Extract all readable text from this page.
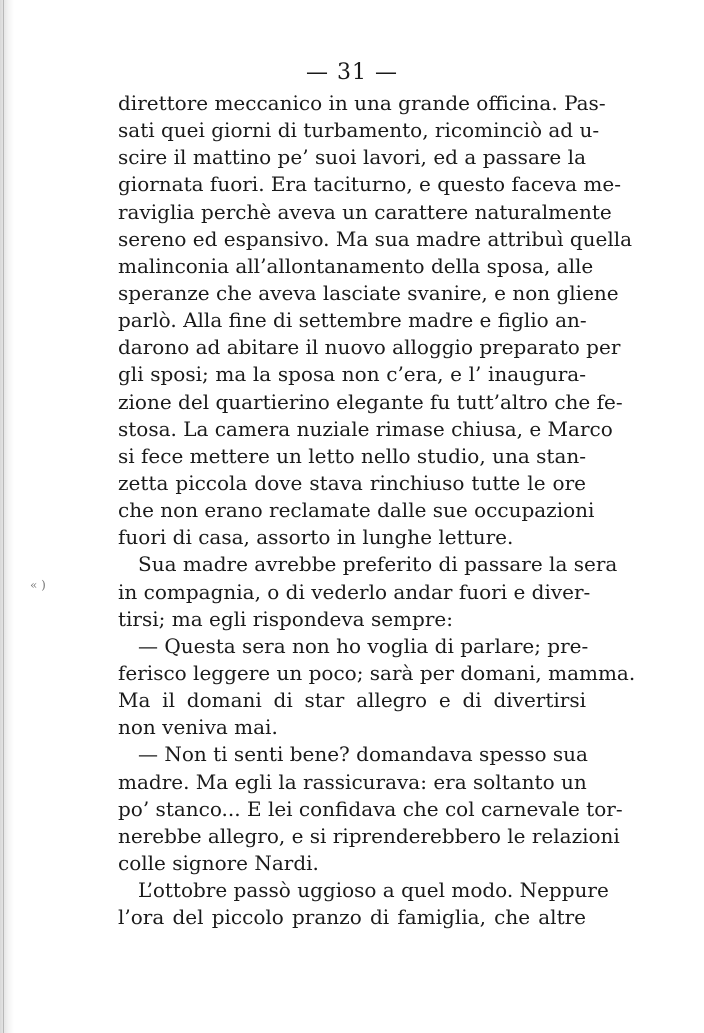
— 31 —
« )
direttore meccanico in una grande officina. Pas-
sati quei giorni di turbamento, ricominciò ad u-
scire il mattino pe’ suoi lavori, ed a passare la
giornata fuori. Era taciturno, e questo faceva me-
raviglia perchè aveva un carattere naturalmente
sereno ed espansivo. Ma sua madre attribuì quella
malinconia all’allontanamento della sposa, alle
speranze che aveva lasciate svanire, e non gliene
parlò. Alla fine di settembre madre e figlio an-
darono ad abitare il nuovo alloggio preparato per
gli sposi; ma la sposa non c’era, e l’ inaugura-
zione del quartierino elegante fu tutt’altro che fe-
stosa. La camera nuziale rimase chiusa, e Marco
si fece mettere un letto nello studio, una stan-
zetta piccola dove stava rinchiuso tutte le ore
che non erano reclamate dalle sue occupazioni
fuori di casa, assorto in lunghe letture.
Sua madre avrebbe preferito di passare la sera
in compagnia, o di vederlo andar fuori e diver-
tirsi; ma egli rispondeva sempre:
— Questa sera non ho voglia di parlare; pre-
ferisco leggere un poco; sarà per domani, mamma.
Ma il domani di star allegro e di divertirsi
non veniva mai.
— Non ti senti bene? domandava spesso sua
madre. Ma egli la rassicurava: era soltanto un
po’ stanco... E lei confidava che col carnevale tor-
nerebbe allegro, e si riprenderebbero le relazioni
colle signore Nardi.
L’ottobre passò uggioso a quel modo. Neppure
l’ora del piccolo pranzo di famiglia, che altre
